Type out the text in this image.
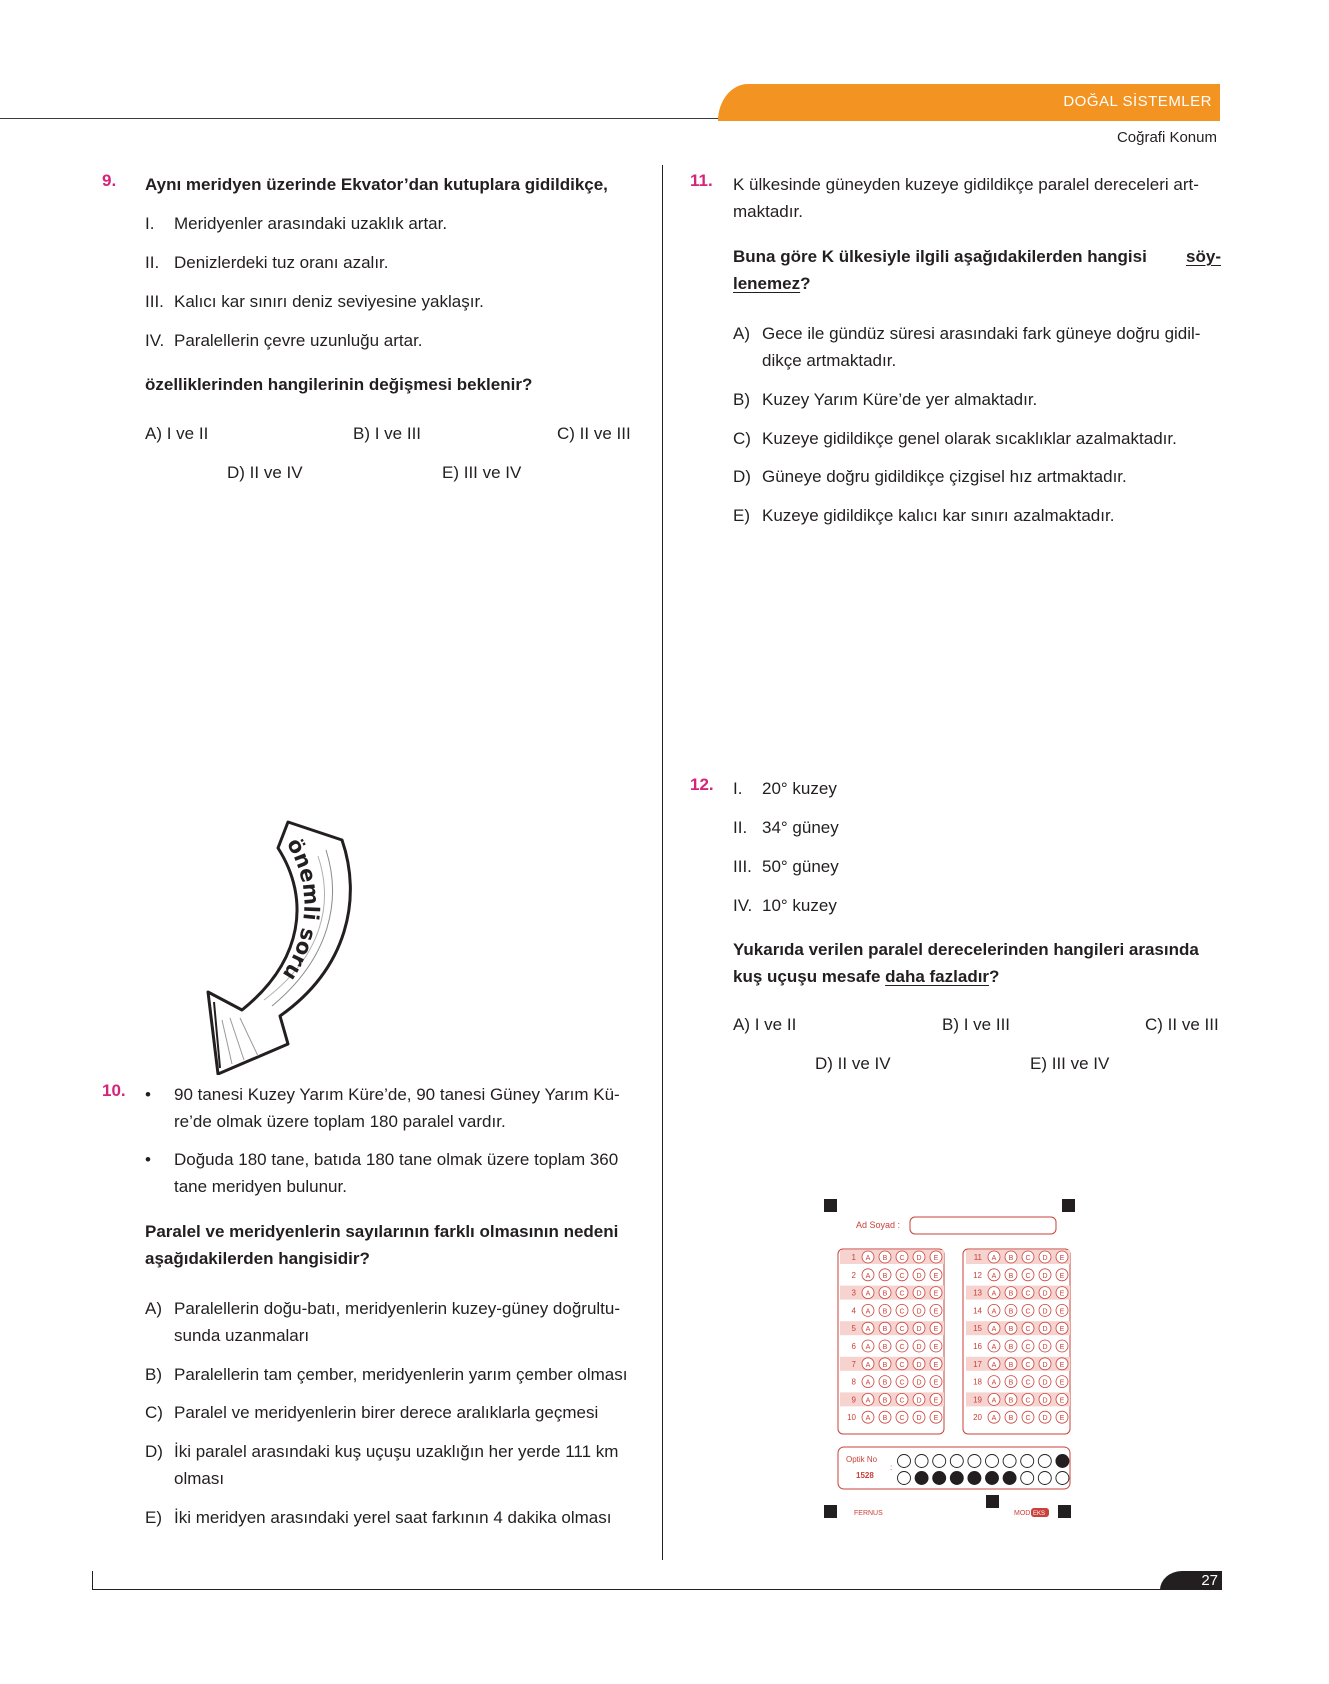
DOĞAL SİSTEMLER
Coğrafi Konum
9. Aynı meridyen üzerinde Ekvator’dan kutuplara gidildikçe,
I.	Meridyenler arasındaki uzaklık artar.
II. Denizlerdeki tuz oranı azalır.
III. Kalıcı kar sınırı deniz seviyesine yaklaşır.
IV. Paralellerin çevre uzunluğu artar.
özelliklerinden hangilerinin değişmesi beklenir?
A) I ve II	B) I ve III	C) II ve III
D) II ve IV	E) III ve IV
önemli soru
10. •	90 tanesi Kuzey Yarım Küre’de, 90 tanesi Güney Yarım Kü-
re’de olmak üzere toplam 180 paralel vardır.
•	Doğuda 180 tane, batıda 180 tane olmak üzere toplam 360
tane meridyen bulunur.
Paralel ve meridyenlerin sayılarının farklı olmasının nedeni
aşağıdakilerden hangisidir?
A) Paralellerin doğu-batı, meridyenlerin kuzey-güney doğrultu-
sunda uzanmaları
B) Paralellerin tam çember, meridyenlerin yarım çember olması
C) Paralel ve meridyenlerin birer derece aralıklarla geçmesi
D) İki paralel arasındaki kuş uçuşu uzaklığın her yerde 111 km
olması
E) İki meridyen arasındaki yerel saat farkının 4 dakika olması
11. K ülkesinde güneyden kuzeye gidildikçe paralel dereceleri art-
maktadır.
Buna göre K ülkesiyle ilgili aşağıdakilerden hangisi söy-
lenemez?
A) Gece ile gündüz süresi arasındaki fark güneye doğru gidil-
dikçe artmaktadır.
B) Kuzey Yarım Küre’de yer almaktadır.
C) Kuzeye gidildikçe genel olarak sıcaklıklar azalmaktadır.
D) Güneye doğru gidildikçe çizgisel hız artmaktadır.
E) Kuzeye gidildikçe kalıcı kar sınırı azalmaktadır.
12. I.	20° kuzey
II. 34° güney
III. 50° güney
IV. 10° kuzey
Yukarıda verilen paralel derecelerinden hangileri arasında
kuş uçuşu mesafe daha fazladır?
A) I ve II	B) I ve III	C) II ve III
D) II ve IV	E) III ve IV
Ad Soyad :
1 A B C D E
2 A B C D E
3 A B C D E
4 A B C D E
5 A B C D E
6 A B C D E
7 A B C D E
8 A B C D E
9 A B C D E
10 A B C D E
11 A B C D E
12 A B C D E
13 A B C D E
14 A B C D E
15 A B C D E
16 A B C D E
17 A B C D E
18 A B C D E
19 A B C D E
20 A B C D E
Optik No
1528
:
FERNUS	MOD EKS
27
